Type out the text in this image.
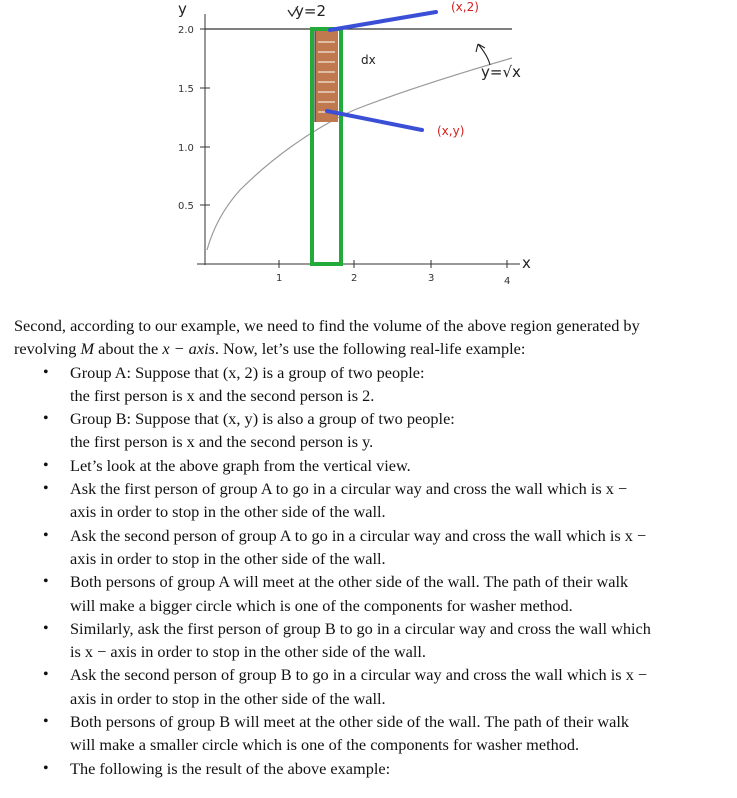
y
2.0
1.5
1.0
0.5
1	2	3	4
x
y=2	(x,2)
dx
(x,y)
y=√x

Second, according to our example, we need to find the volume of the above region generated by
revolving M about the x − axis. Now, let’s use the following real-life example:

• Group A: Suppose that (x, 2) is a group of two people:
the first person is x and the second person is 2.
• Group B: Suppose that (x, y) is also a group of two people:
the first person is x and the second person is y.
• Let’s look at the above graph from the vertical view.
• Ask the first person of group A to go in a circular way and cross the wall which is x −
axis in order to stop in the other side of the wall.
• Ask the second person of group A to go in a circular way and cross the wall which is x −
axis in order to stop in the other side of the wall.
• Both persons of group A will meet at the other side of the wall. The path of their walk
will make a bigger circle which is one of the components for washer method.
• Similarly, ask the first person of group B to go in a circular way and cross the wall which
is x − axis in order to stop in the other side of the wall.
• Ask the second person of group B to go in a circular way and cross the wall which is x −
axis in order to stop in the other side of the wall.
• Both persons of group B will meet at the other side of the wall. The path of their walk
will make a smaller circle which is one of the components for washer method.
• The following is the result of the above example:
